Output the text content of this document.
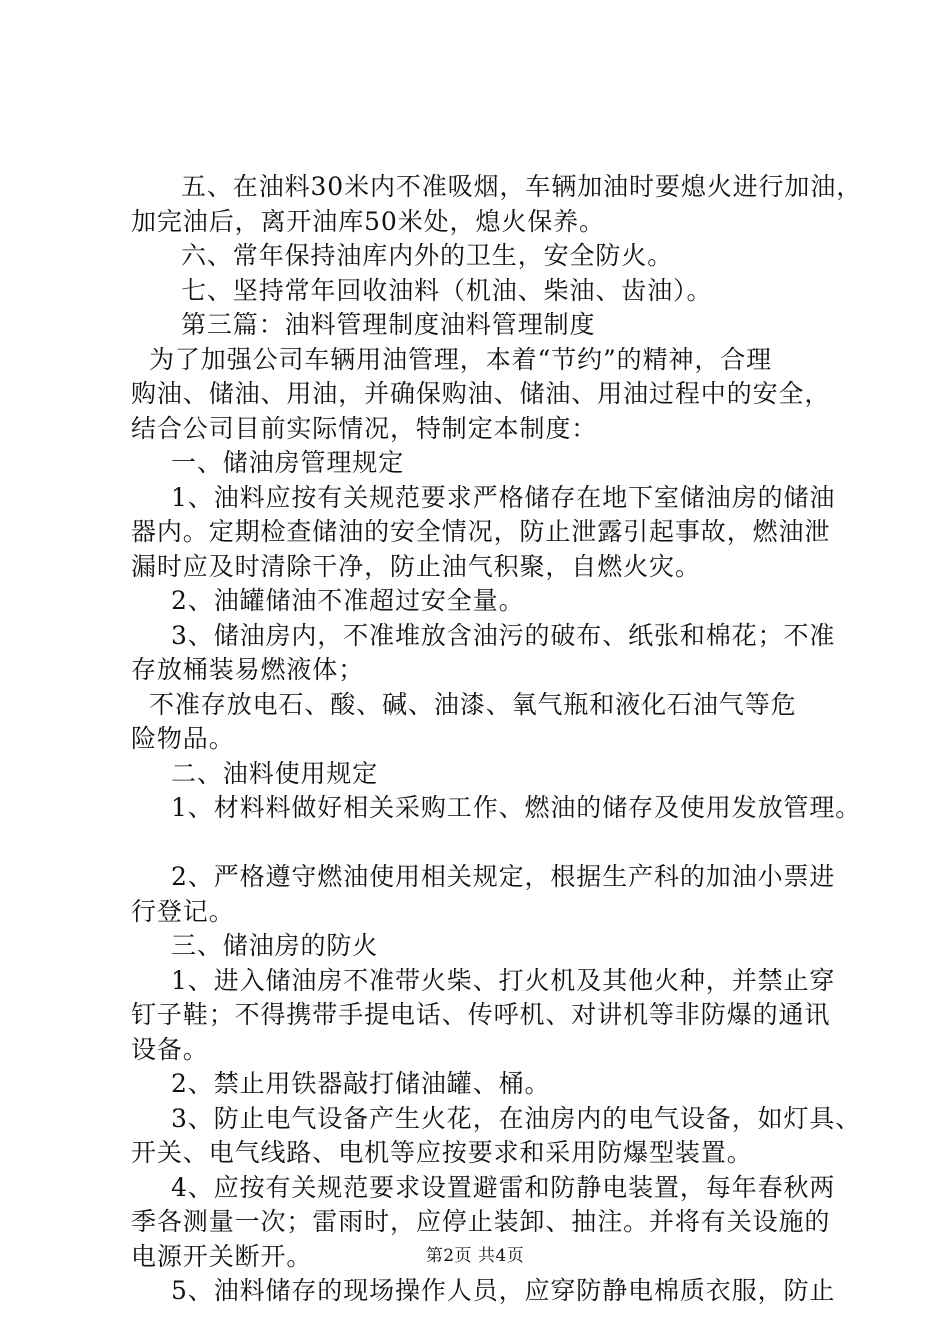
五、在油料30米内不准吸烟，车辆加油时要熄火进行加油，
加完油后，离开油库50米处，熄火保养。
六、常年保持油库内外的卫生，安全防火。
七、坚持常年回收油料（机油、柴油、齿油）。
第三篇：油料管理制度油料管理制度
为了加强公司车辆用油管理，本着“节约”的精神，合理
购油、储油、用油，并确保购油、储油、用油过程中的安全，
结合公司目前实际情况，特制定本制度：
一、储油房管理规定
1、油料应按有关规范要求严格储存在地下室储油房的储油
器内。定期检查储油的安全情况，防止泄露引起事故，燃油泄
漏时应及时清除干净，防止油气积聚，自燃火灾。
2、油罐储油不准超过安全量。
3、储油房内，不准堆放含油污的破布、纸张和棉花；不准
存放桶装易燃液体；
不准存放电石、酸、碱、油漆、氧气瓶和液化石油气等危
险物品。
二、油料使用规定
1、材料料做好相关采购工作、燃油的储存及使用发放管理。
2、严格遵守燃油使用相关规定，根据生产科的加油小票进
行登记。
三、储油房的防火
1、进入储油房不准带火柴、打火机及其他火种，并禁止穿
钉子鞋；不得携带手提电话、传呼机、对讲机等非防爆的通讯
设备。
2、禁止用铁器敲打储油罐、桶。
3、防止电气设备产生火花，在油房内的电气设备，如灯具、
开关、电气线路、电机等应按要求和采用防爆型装置。
4、应按有关规范要求设置避雷和防静电装置，每年春秋两
季各测量一次；雷雨时，应停止装卸、抽注。并将有关设施的
电源开关断开。
5、油料储存的现场操作人员，应穿防静电棉质衣服，防止
第2页 共4页
